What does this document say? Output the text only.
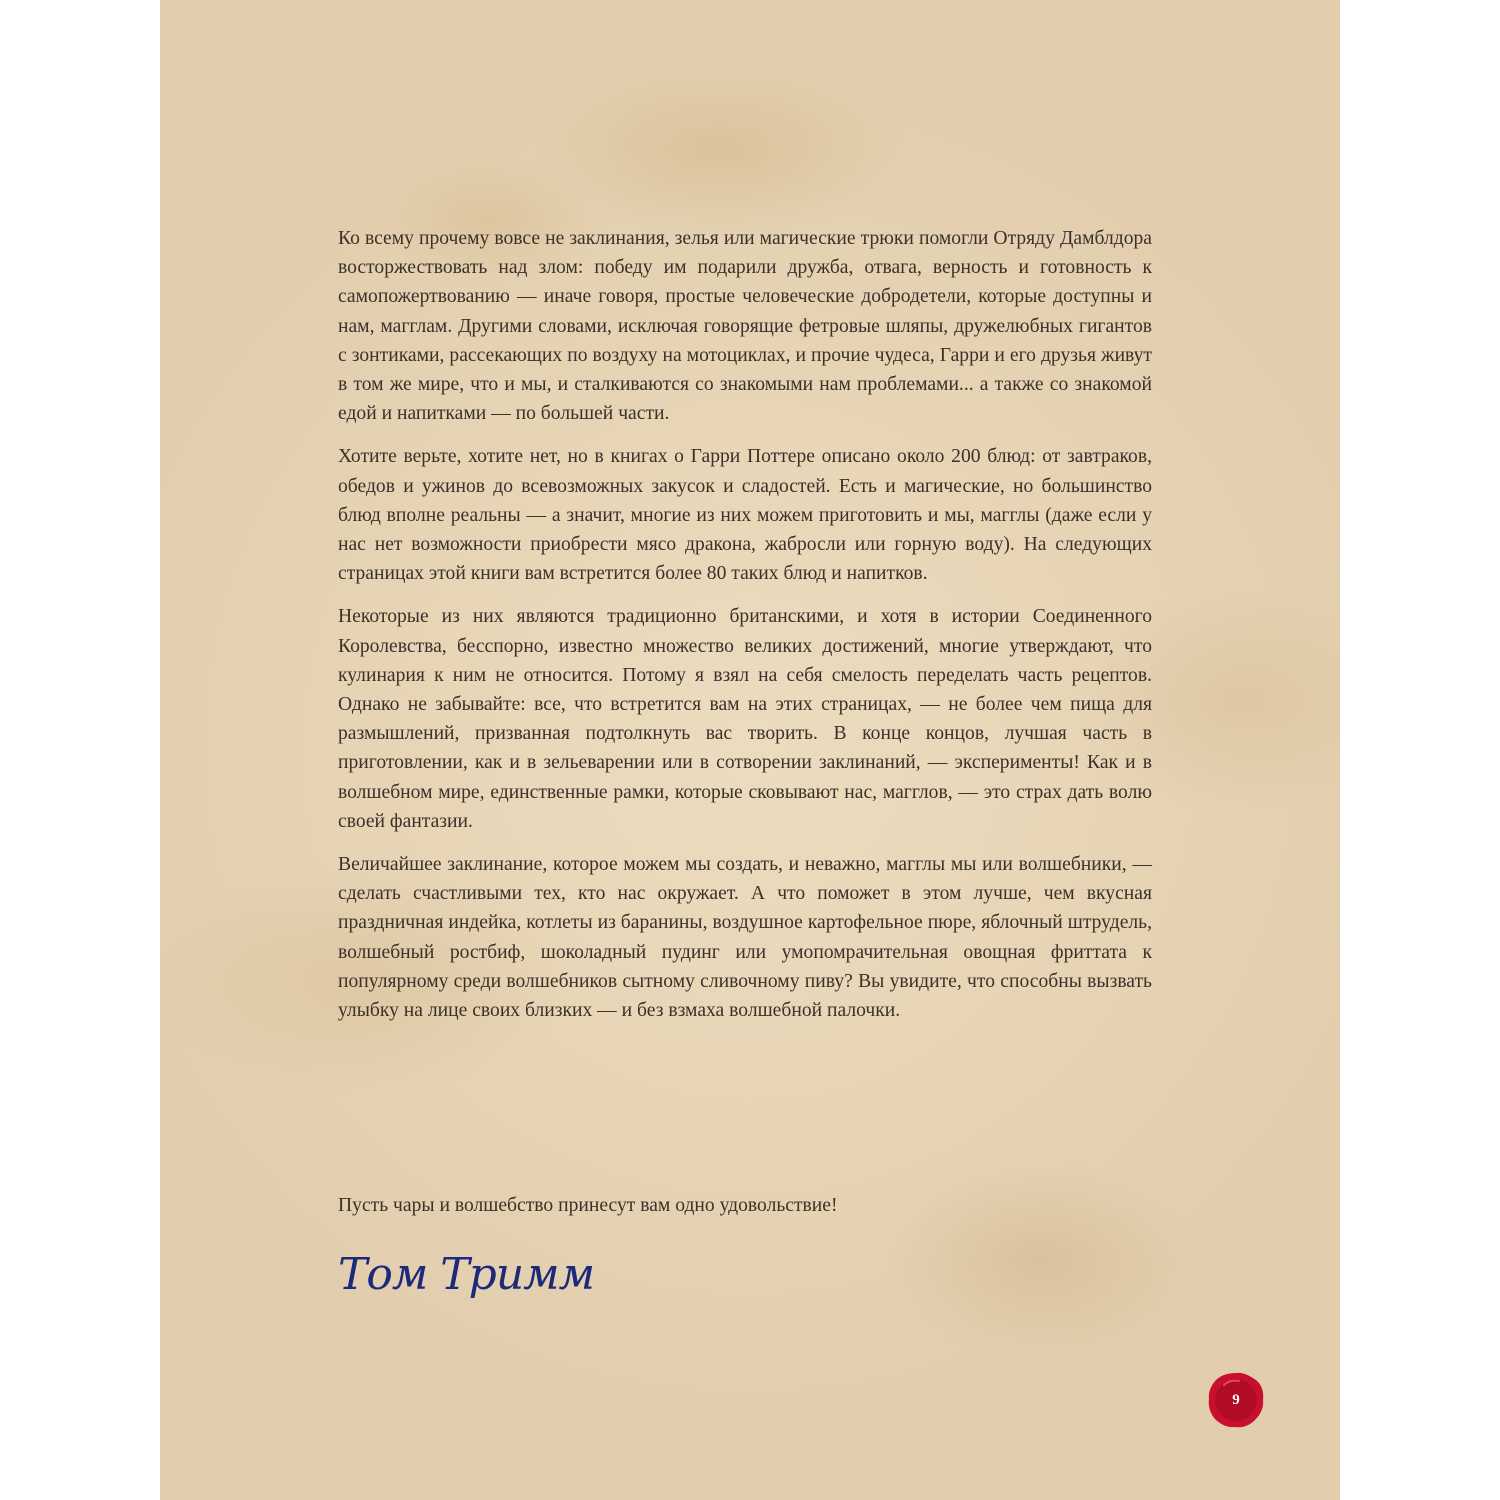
Ко всему прочему вовсе не заклинания, зелья или магические трюки помогли Отряду Дамблдора восторжествовать над злом: победу им подарили дружба, отвага, верность и готовность к самопожертвованию — иначе говоря, простые человеческие добродетели, которые доступны и нам, магглам. Другими словами, исключая говорящие фетровые шляпы, дружелюбных гигантов с зонтиками, рассекающих по воздуху на мотоциклах, и прочие чудеса, Гарри и его друзья живут в том же мире, что и мы, и сталкиваются со знакомыми нам проблемами... а также со знакомой едой и напитками — по большей части.

Хотите верьте, хотите нет, но в книгах о Гарри Поттере описано около 200 блюд: от завтраков, обедов и ужинов до всевозможных закусок и сладостей. Есть и магические, но большинство блюд вполне реальны — а значит, многие из них можем приготовить и мы, магглы (даже если у нас нет возможности приобрести мясо дракона, жабросли или горную воду). На следующих страницах этой книги вам встретится более 80 таких блюд и напитков.

Некоторые из них являются традиционно британскими, и хотя в истории Соединенного Королевства, бесспорно, известно множество великих достижений, многие утверждают, что кулинария к ним не относится. Потому я взял на себя смелость переделать часть рецептов. Однако не забывайте: все, что встретится вам на этих страницах, — не более чем пища для размышлений, призванная подтолкнуть вас творить. В конце концов, лучшая часть в приготовлении, как и в зельеварении или в сотворении заклинаний, — эксперименты! Как и в волшебном мире, единственные рамки, которые сковывают нас, магглов, — это страх дать волю своей фантазии.

Величайшее заклинание, которое можем мы создать, и неважно, магглы мы или волшебники, — сделать счастливыми тех, кто нас окружает. А что поможет в этом лучше, чем вкусная праздничная индейка, котлеты из баранины, воздушное картофельное пюре, яблочный штрудель, волшебный ростбиф, шоколадный пудинг или умопомрачительная овощная фриттата к популярному среди волшебников сытному сливочному пиву? Вы увидите, что способны вызвать улыбку на лице своих близких — и без взмаха волшебной палочки.

Пусть чары и волшебство принесут вам одно удовольствие!

Том Тримм
9
